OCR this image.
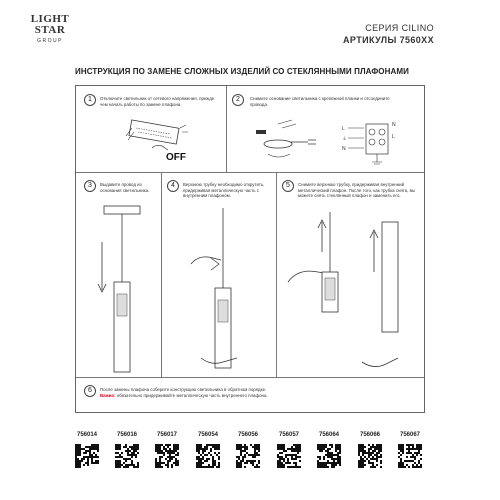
LIGHT
STAR
GROUP
СЕРИЯ CILINO
АРТИКУЛЫ 7560XX
ИНСТРУКЦИЯ ПО ЗАМЕНЕ СЛОЖНЫХ ИЗДЕЛИЙ СО СТЕКЛЯННЫМИ ПЛАФОНАМИ
1	Отключите светильник от сетевого напряжения, прежде чем начать работы по замене плафона.
OFF
2	Снимите основание светильника с крепежной планки и отсоедините провода.
L
⏚
N
N
L
3	Выдавите провод из основания светильника.
4	Верхнюю трубку необходимо открутить, придерживая металлическую часть с внутренним плафоном.
5	Снимите верхнюю трубку, придерживая внутренний металлический плафон. После того, как трубка снята, вы можете снять стеклянный плафон и заменить его.
6	После замены плафона соберите конструкцию светильника в обратном порядке.
Важно: обязательно придерживайте металлическую часть внутреннего плафона.
756014	756016	756017	756054	756056	756057	756064	756066	756067
